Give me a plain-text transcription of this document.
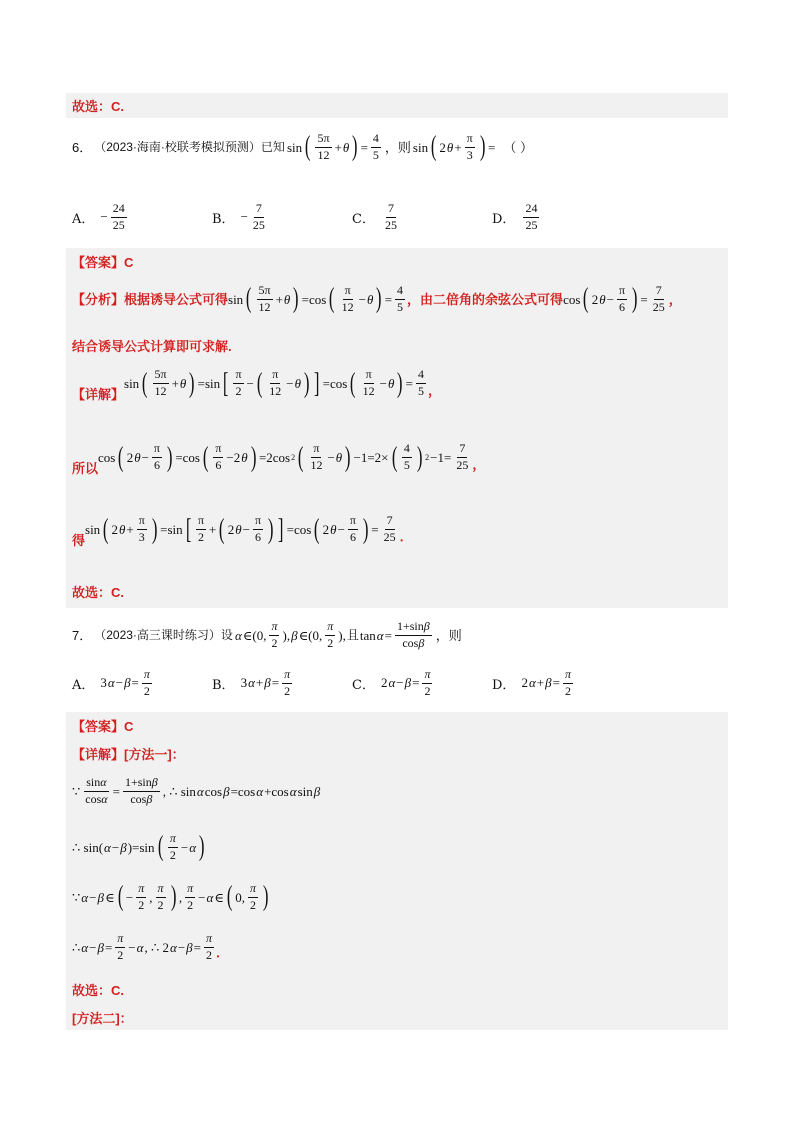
故选：C.
6． （2023·海南·校联考模拟预测）已知 sin ( $\frac{5\pi}{12} + \theta$ ) = $\frac{4}{5}$ ，则 sin ( 2 $\theta + \frac{\pi}{3}$ ) = （ ）
A． − $\frac{24}{25}$	B． − $\frac{7}{25}$	C． $\frac{7}{25}$	D． $\frac{24}{25}$
【答案】C
【分析】根据诱导公式可得 sin ( $\frac{5\pi}{12} + \theta$ ) =cos ( $\frac{\pi}{12} - \theta$ ) = $\frac{4}{5}$ ，由二倍角的余弦公式可得 cos ( 2 $\theta - \frac{\pi}{6}$ ) = $\frac{7}{25}$ ，
结合诱导公式计算即可求解.
【详解】
sin ( $\frac{5\pi}{12} + \theta$ ) =sin [ $\frac{\pi}{2}$ − ( $\frac{\pi}{12} - \theta$ ) ] =cos ( $\frac{\pi}{12} - \theta$ ) = $\frac{4}{5}$ ，
所以
cos ( 2 $\theta - \frac{\pi}{6}$ ) =cos ( $\frac{\pi}{6} -2$ θ ) =2cos 2 ( $\frac{\pi}{12} - \theta$ ) −1=2× ( $\frac{4}{5}$ ) $2 -1= \frac{7}{25}$ ，
得
sin ( 2 $\theta + \frac{\pi}{3}$ ) =sin [ $\frac{\pi}{2}$ + ( 2 $\theta - \frac{\pi}{6}$ ) ] =cos ( 2 $\theta - \frac{\pi}{6}$ ) = $\frac{7}{25}$ ．
故选：C.
7． （2023·高三课时练习）设 α ∈(0, $\frac{\pi}{2}$ ), β ∈(0, $\frac{\pi}{2}$ ), 且 $\tan \alpha = \frac{1+\sin\beta}{\cos\beta}$ ，则
A． 3 $\alpha - \beta = \frac{\pi}{2}$	B． 3 $\alpha + \beta = \frac{\pi}{2}$	C． 2 $\alpha - \beta = \frac{\pi}{2}$	D． 2 $\alpha + \beta = \frac{\pi}{2}$
【答案】C
【详解】[方法一]：
∵ $\frac{\sin\alpha}{\cos\alpha} = \frac{1+\sin\beta}{\cos\beta}$ , ∴ sin α cos β =cos α +cos α sin β
∴ sin( α − β )=sin ( $\frac{\pi}{2} - \alpha$ )
∵ α − β ∈ ( − $\frac{\pi}{2}$ , $\frac{\pi}{2}$ ) , $\frac{\pi}{2} - \alpha$ ∈ ( 0, $\frac{\pi}{2}$ )
∴ $\alpha - \beta = \frac{\pi}{2} - \alpha$ , ∴ 2 $\alpha - \beta = \frac{\pi}{2}$ ．
故选：C.
[方法二]：
